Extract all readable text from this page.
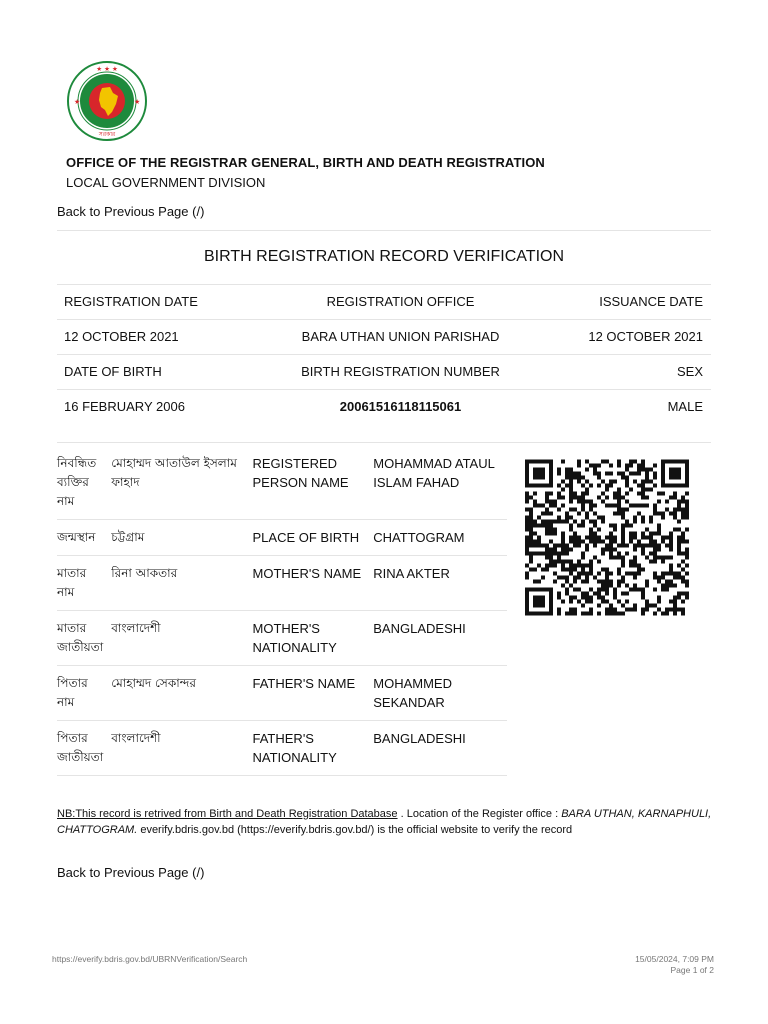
★ ★ ★
★	★
সরকার
OFFICE OF THE REGISTRAR GENERAL, BIRTH AND DEATH REGISTRATION
LOCAL GOVERNMENT DIVISION
Back to Previous Page (/)
BIRTH REGISTRATION RECORD VERIFICATION
REGISTRATION DATE	REGISTRATION OFFICE	ISSUANCE DATE
12 OCTOBER 2021	BARA UTHAN UNION PARISHAD	12 OCTOBER 2021
DATE OF BIRTH	BIRTH REGISTRATION NUMBER	SEX
16 FEBRUARY 2006	20061516118115061	MALE
নিবন্ধিত ব্যক্তির নাম	মোহাম্মদ আতাউল ইসলাম ফাহাদ	REGISTERED PERSON NAME	MOHAMMAD ATAUL ISLAM FAHAD
জন্মস্থান	চট্টগ্রাম	PLACE OF BIRTH	CHATTOGRAM
মাতার নাম	রিনা আকতার	MOTHER'S NAME	RINA AKTER
মাতার জাতীয়তা	বাংলাদেশী	MOTHER'S NATIONALITY	BANGLADESHI
পিতার নাম	মোহাম্মদ সেকান্দর	FATHER'S NAME	MOHAMMED SEKANDAR
পিতার জাতীয়তা	বাংলাদেশী	FATHER'S NATIONALITY	BANGLADESHI
NB:This record is retrived from Birth and Death Registration Database . Location of the Register office : BARA UTHAN, KARNAPHULI, CHATTOGRAM. everify.bdris.gov.bd (https://everify.bdris.gov.bd/) is the official website to verify the record
Back to Previous Page (/)
https://everify.bdris.gov.bd/UBRNVerification/Search	15/05/2024, 7:09 PM
Page 1 of 2
